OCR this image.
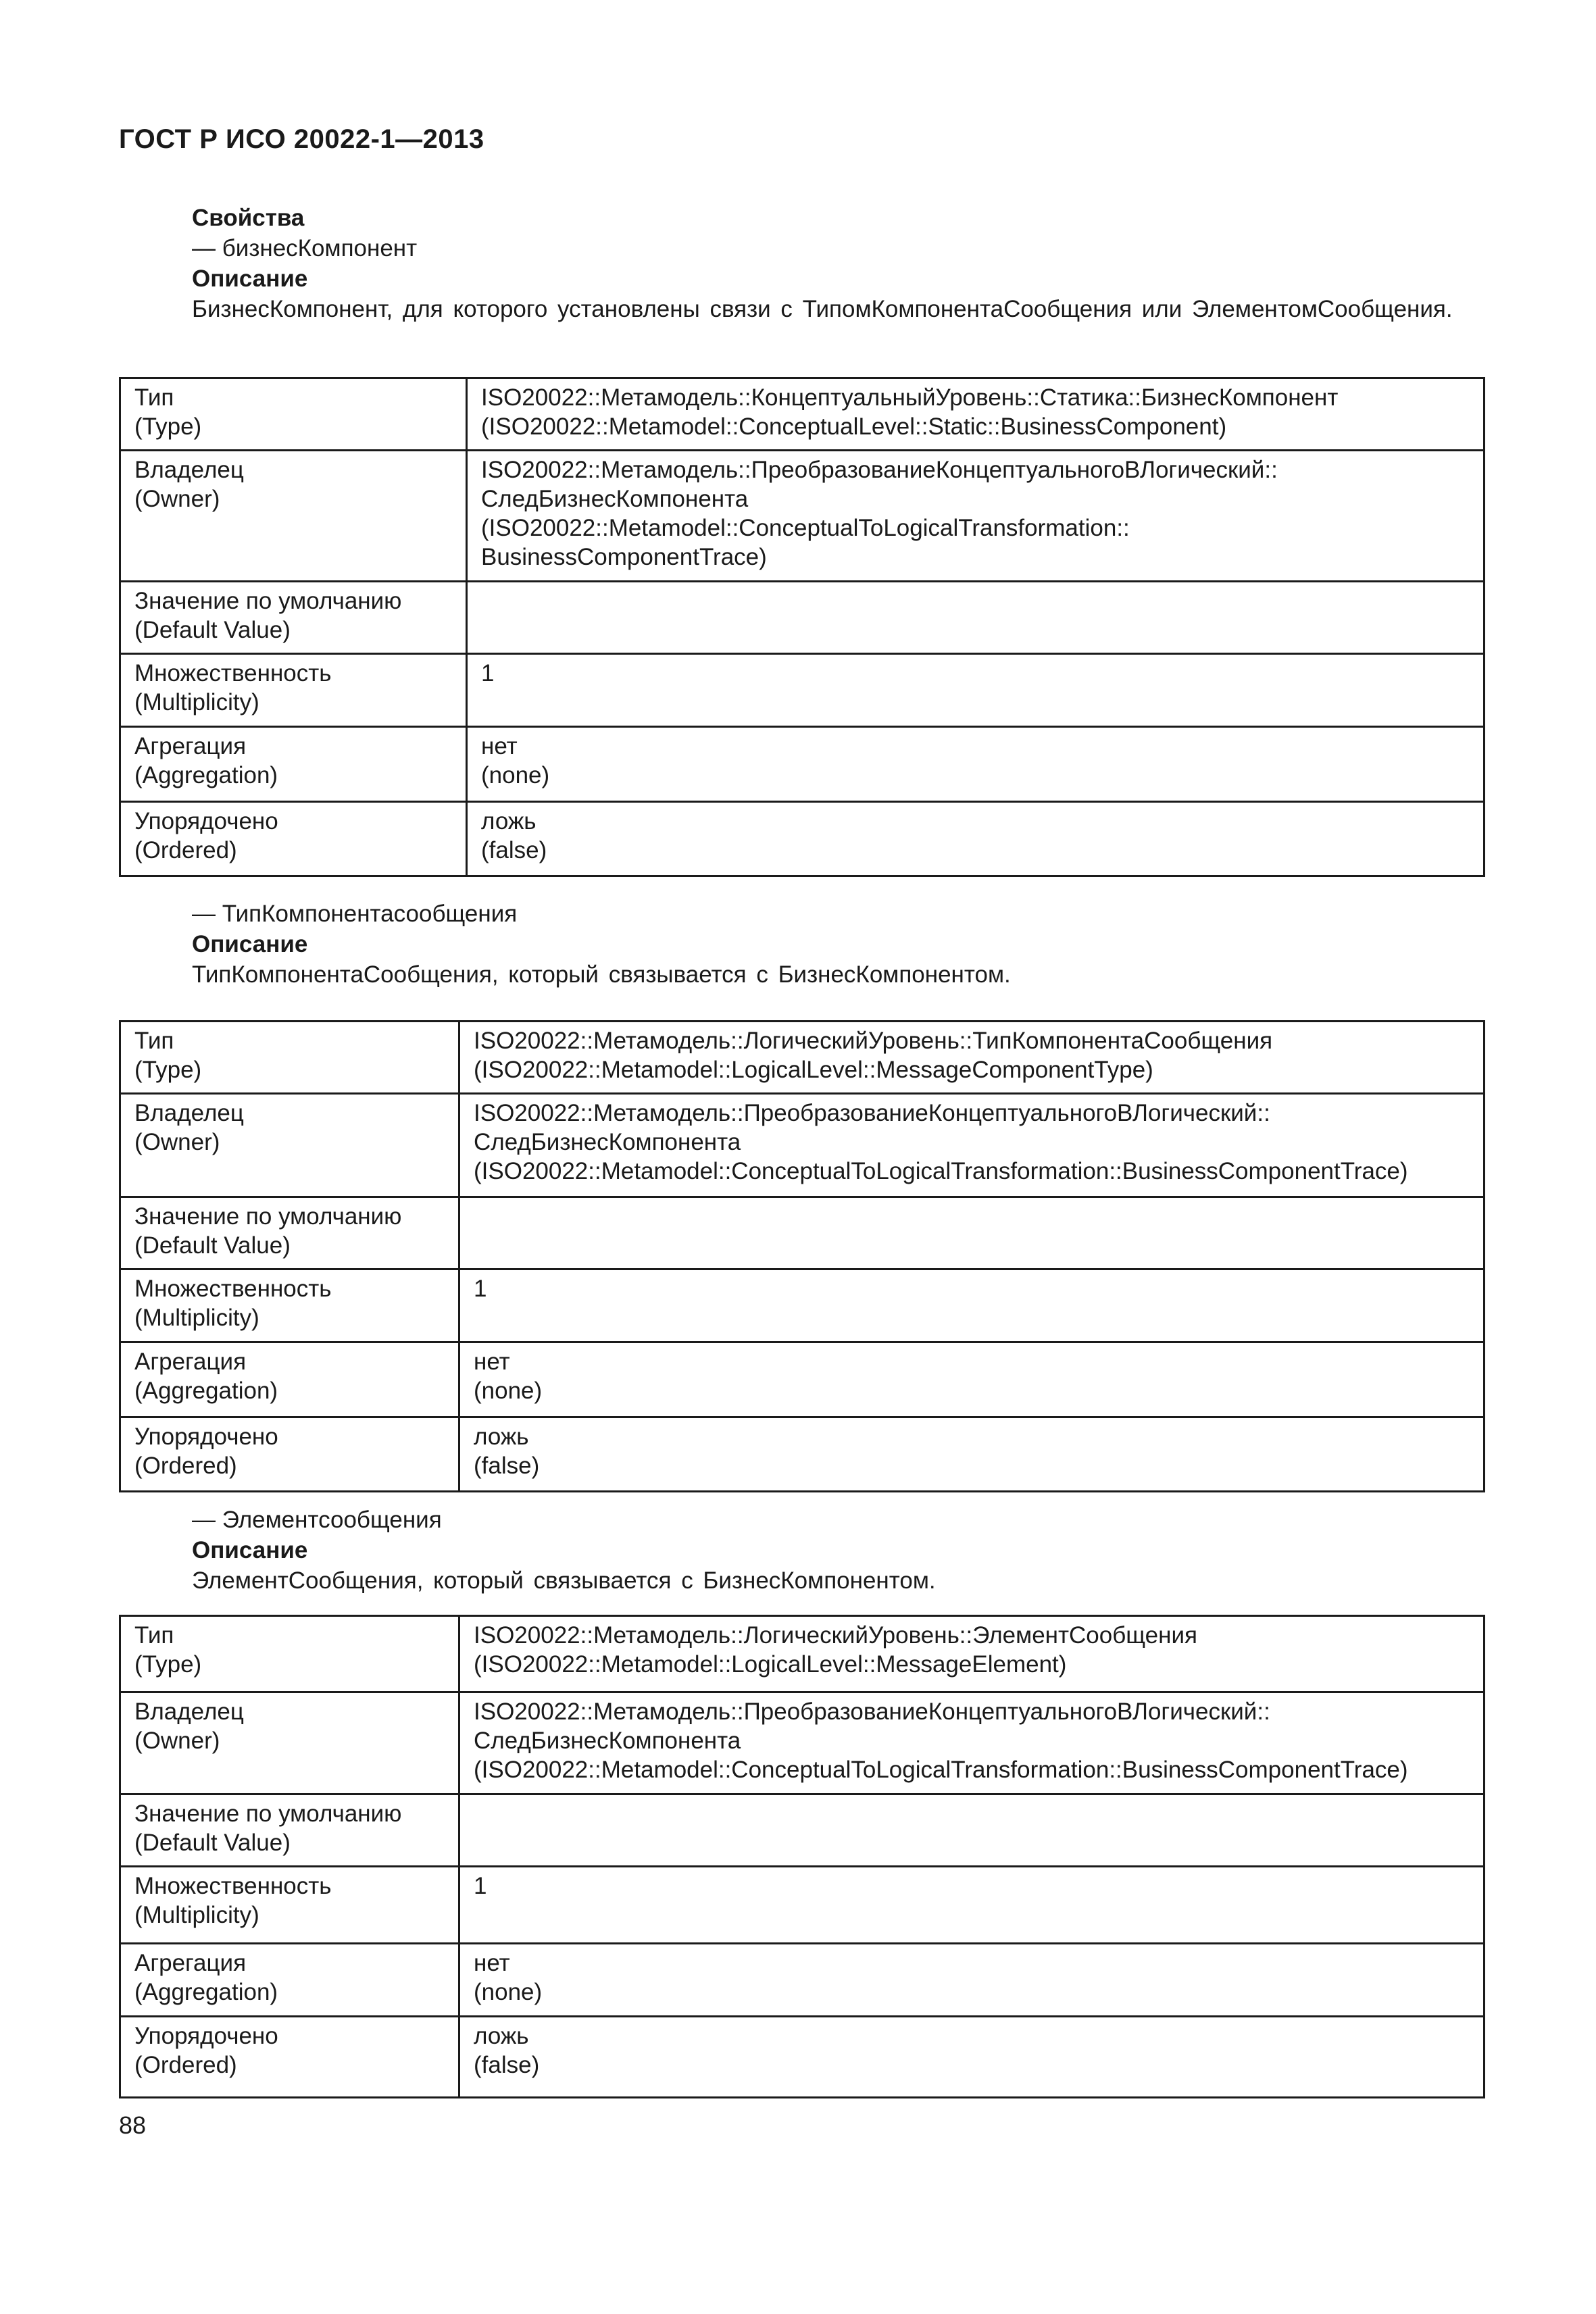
ГОСТ Р ИСО 20022-1—2013
Свойства
— бизнесКомпонент
Описание
БизнесКомпонент, для которого установлены связи с ТипомКомпонентаСообщения или ЭлементомСообщения.
Тип
(Type)	ISO20022::Метамодель::КонцептуальныйУровень::Статика::БизнесКомпонент
(ISO20022::Metamodel::ConceptualLevel::Static::BusinessComponent)

Владелец
(Owner)	ISO20022::Метамодель::ПреобразованиеКонцептуальногоВЛогический::
СледБизнесКомпонента
(ISO20022::Metamodel::ConceptualToLogicalTransformation::
BusinessComponentTrace)

Значение по умолчанию
(Default Value)	

Множественность
(Multiplicity)	1

Агрегация
(Aggregation)	нет
(none)

Упорядочено
(Ordered)	ложь
(false)
— ТипКомпонентасообщения
Описание
ТипКомпонентаСообщения, который связывается с БизнесКомпонентом.
Тип
(Type)	ISO20022::Метамодель::ЛогическийУровень::ТипКомпонентаСообщения
(ISO20022::Metamodel::LogicalLevel::MessageComponentType)

Владелец
(Owner)	ISO20022::Метамодель::ПреобразованиеКонцептуальногоВЛогический::
СледБизнесКомпонента
(ISO20022::Metamodel::ConceptualToLogicalTransformation::BusinessComponentTrace)

Значение по умолчанию
(Default Value)	

Множественность
(Multiplicity)	1

Агрегация
(Aggregation)	нет
(none)

Упорядочено
(Ordered)	ложь
(false)
— Элементсообщения
Описание
ЭлементСообщения, который связывается с БизнесКомпонентом.
Тип
(Type)	ISO20022::Метамодель::ЛогическийУровень::ЭлементСообщения
(ISO20022::Metamodel::LogicalLevel::MessageElement)

Владелец
(Owner)	ISO20022::Метамодель::ПреобразованиеКонцептуальногоВЛогический::
СледБизнесКомпонента
(ISO20022::Metamodel::ConceptualToLogicalTransformation::BusinessComponentTrace)

Значение по умолчанию
(Default Value)	

Множественность
(Multiplicity)	1

Агрегация
(Aggregation)	нет
(none)

Упорядочено
(Ordered)	ложь
(false)
88
